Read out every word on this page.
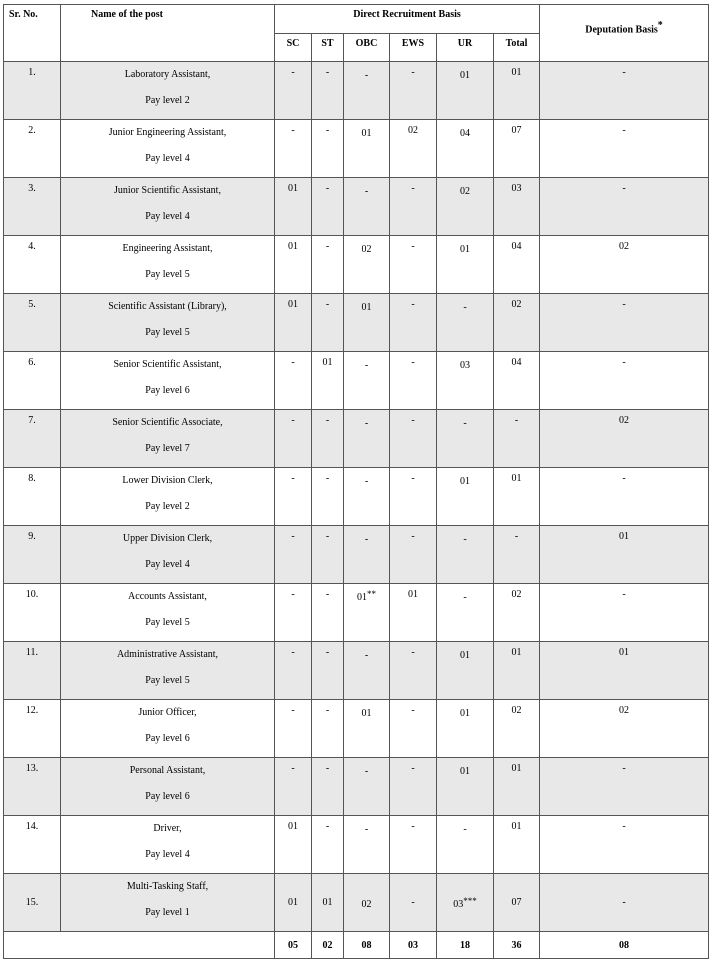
Sr. No.	Name of the post	Direct Recruitment Basis						Deputation Basis*
		SC	ST	OBC	EWS	UR	Total	
1.	Laboratory Assistant,
Pay level 2	-	-	-	-	01	01	-
2.	Junior Engineering Assistant,
Pay level 4	-	-	01	02	04	07	-
3.	Junior Scientific Assistant,
Pay level 4	01	-	-	-	02	03	-
4.	Engineering Assistant,
Pay level 5	01	-	02	-	01	04	02
5.	Scientific Assistant (Library),
Pay level 5	01	-	01	-	-	02	-
6.	Senior Scientific Assistant,
Pay level 6	-	01	-	-	03	04	-
7.	Senior Scientific Associate,
Pay level 7	-	-	-	-	-	-	02
8.	Lower Division Clerk,
Pay level 2	-	-	-	-	01	01	-
9.	Upper Division Clerk,
Pay level 4	-	-	-	-	-	-	01
10.	Accounts Assistant,
Pay level 5	-	-	01**	01	-	02	-
11.	Administrative Assistant,
Pay level 5	-	-	-	-	01	01	01
12.	Junior Officer,
Pay level 6	-	-	01	-	01	02	02
13.	Personal Assistant,
Pay level 6	-	-	-	-	01	01	-
14.	Driver,
Pay level 4	01	-	-	-	-	01	-
15.	Multi-Tasking Staff,
Pay level 1	01	01	02	-	03***	07	-
		05	02	08	03	18	36	08
